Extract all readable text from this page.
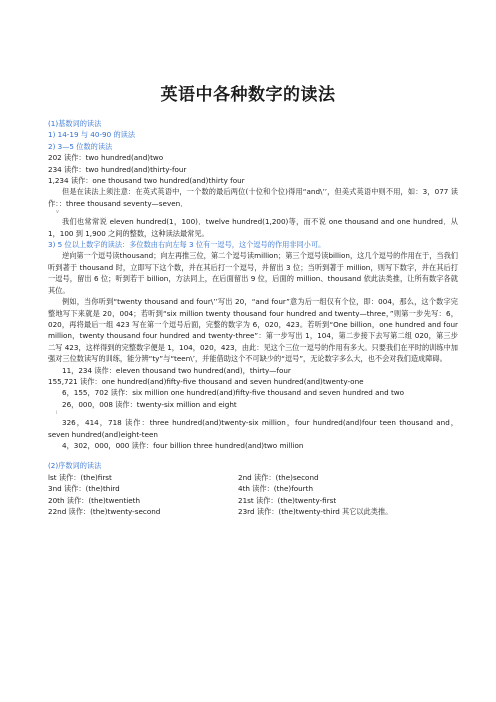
英语中各种数字的读法
(1)基数词的读法
1) 14-19 与 40-90 的读法
2) 3—5 位数的读法
202 读作：two hundred(and)two
234 读作：two hundred(and)thirty-four
1,234 读作：one thousand two hundred(and)thirty four
但是在读法上须注意：在英式英语中，一个数的最后两位(十位和个位)得用“and\’’，但美式英语中则不用，如：3，077 读作：：three thousand seventy—seven．
v
我们也常常说 eleven hundred(1，100)．twelve hundred(1,200)等，而不说 one thousand and one hundred．从 1，100 到 1,900 之间的整数，这种读法最常见。
3) 5 位以上数字的读法：多位数由右向左每 3 位有一逗号，这个逗号的作用非同小可。
逆向第一个逗号读thousand；向左再推三位，第二个逗号读million；第三个逗号读billion，这几个逗号的作用在于，当我们听到著于 thousand 时，立即写下这个数，并在其后打一个逗号，并留出 3 位；当听到著于 million，则写下数字，并在其后打一逗号，留出 6 位；听到若干 billion，方法同上，在后面留出 9 位，后面的 million、thousand 依此法类推，让所有数字各就其位。
例如，当你听到“twenty thousand and four\’’写出 20，“and four”意为后一组仅有个位，即：004，那么，这个数字完整地写下来就是 20，004；若听到“six million twenty thousand four hundred and twenty—three，”则第一步先写：6，020，再将最后一组 423 写在第一个逗号后面，完整的数字为 6，020，423。若听到“One billion，one hundred and four million，twenty thousand four hundred and twenty-three”：第一步写出 1，104，第二步接下去写第二组 020，第三步二写 423，这样得到的完整数字便是 1，104，020，423，由此：见这个三位一逗号的作用有多大。只要我们在平时的训练中加强对三位数读写的训练，能分辨“ty”与“teen\’，并能借助这个不可缺少的“逗号”，无论数字多么大，也不会对我们造成障碍。
11，234 读作：eleven thousand two hundred(and)，thirty—four
155,721 读作：one hundred(and)fifty-five thousand and seven hundred(and)twenty-one
6，155，702 读作：six million one hundred(and)fifty-five thousand and seven hundred and two
26，000，008 读作：twenty-six million and eight
i
326，414，718 读作：three hundred(and)twenty-six million，four hundred(and)four teen thousand and，seven hundred(and)eight-teen
4，302，000，000 读作：four billion three hundred(and)two million
(2)序数词的读法
lst 读作：(the)first	2nd 读作：(the)second
3nd 读作：(the)third	4th 读作：(the)fourth
20th 读作：(the)twentieth	21st 读作：(the)twenty-first
22nd 读作：(the)twenty-second	23rd 读作：(the)twenty-third 其它以此类推。
